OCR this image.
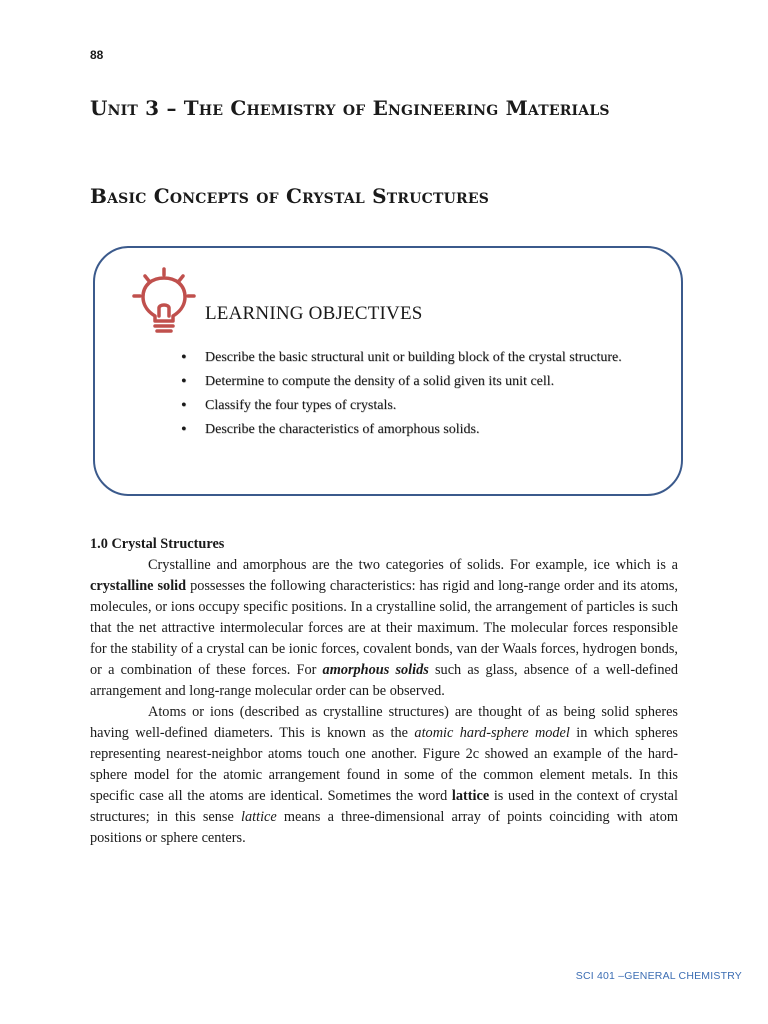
88
Unit 3 – The Chemistry of Engineering Materials
Basic Concepts of Crystal Structures
LEARNING OBJECTIVES
• Describe the basic structural unit or building block of the crystal structure.
• Determine to compute the density of a solid given its unit cell.
• Classify the four types of crystals.
• Describe the characteristics of amorphous solids.

1.0 Crystal Structures

Crystalline and amorphous are the two categories of solids. For example, ice which is a crystalline solid possesses the following characteristics: has rigid and long-range order and its atoms, molecules, or ions occupy specific positions. In a crystalline solid, the arrangement of particles is such that the net attractive intermolecular forces are at their maximum. The molecular forces responsible for the stability of a crystal can be ionic forces, covalent bonds, van der Waals forces, hydrogen bonds, or a combination of these forces. For amorphous solids such as glass, absence of a well-defined arrangement and long-range molecular order can be observed.

Atoms or ions (described as crystalline structures) are thought of as being solid spheres having well-defined diameters. This is known as the atomic hard-sphere model in which spheres representing nearest-neighbor atoms touch one another. Figure 2c showed an example of the hard-sphere model for the atomic arrangement found in some of the common element metals. In this specific case all the atoms are identical. Sometimes the word lattice is used in the context of crystal structures; in this sense lattice means a three-dimensional array of points coinciding with atom positions or sphere centers.

SCI 401 –GENERAL CHEMISTRY
